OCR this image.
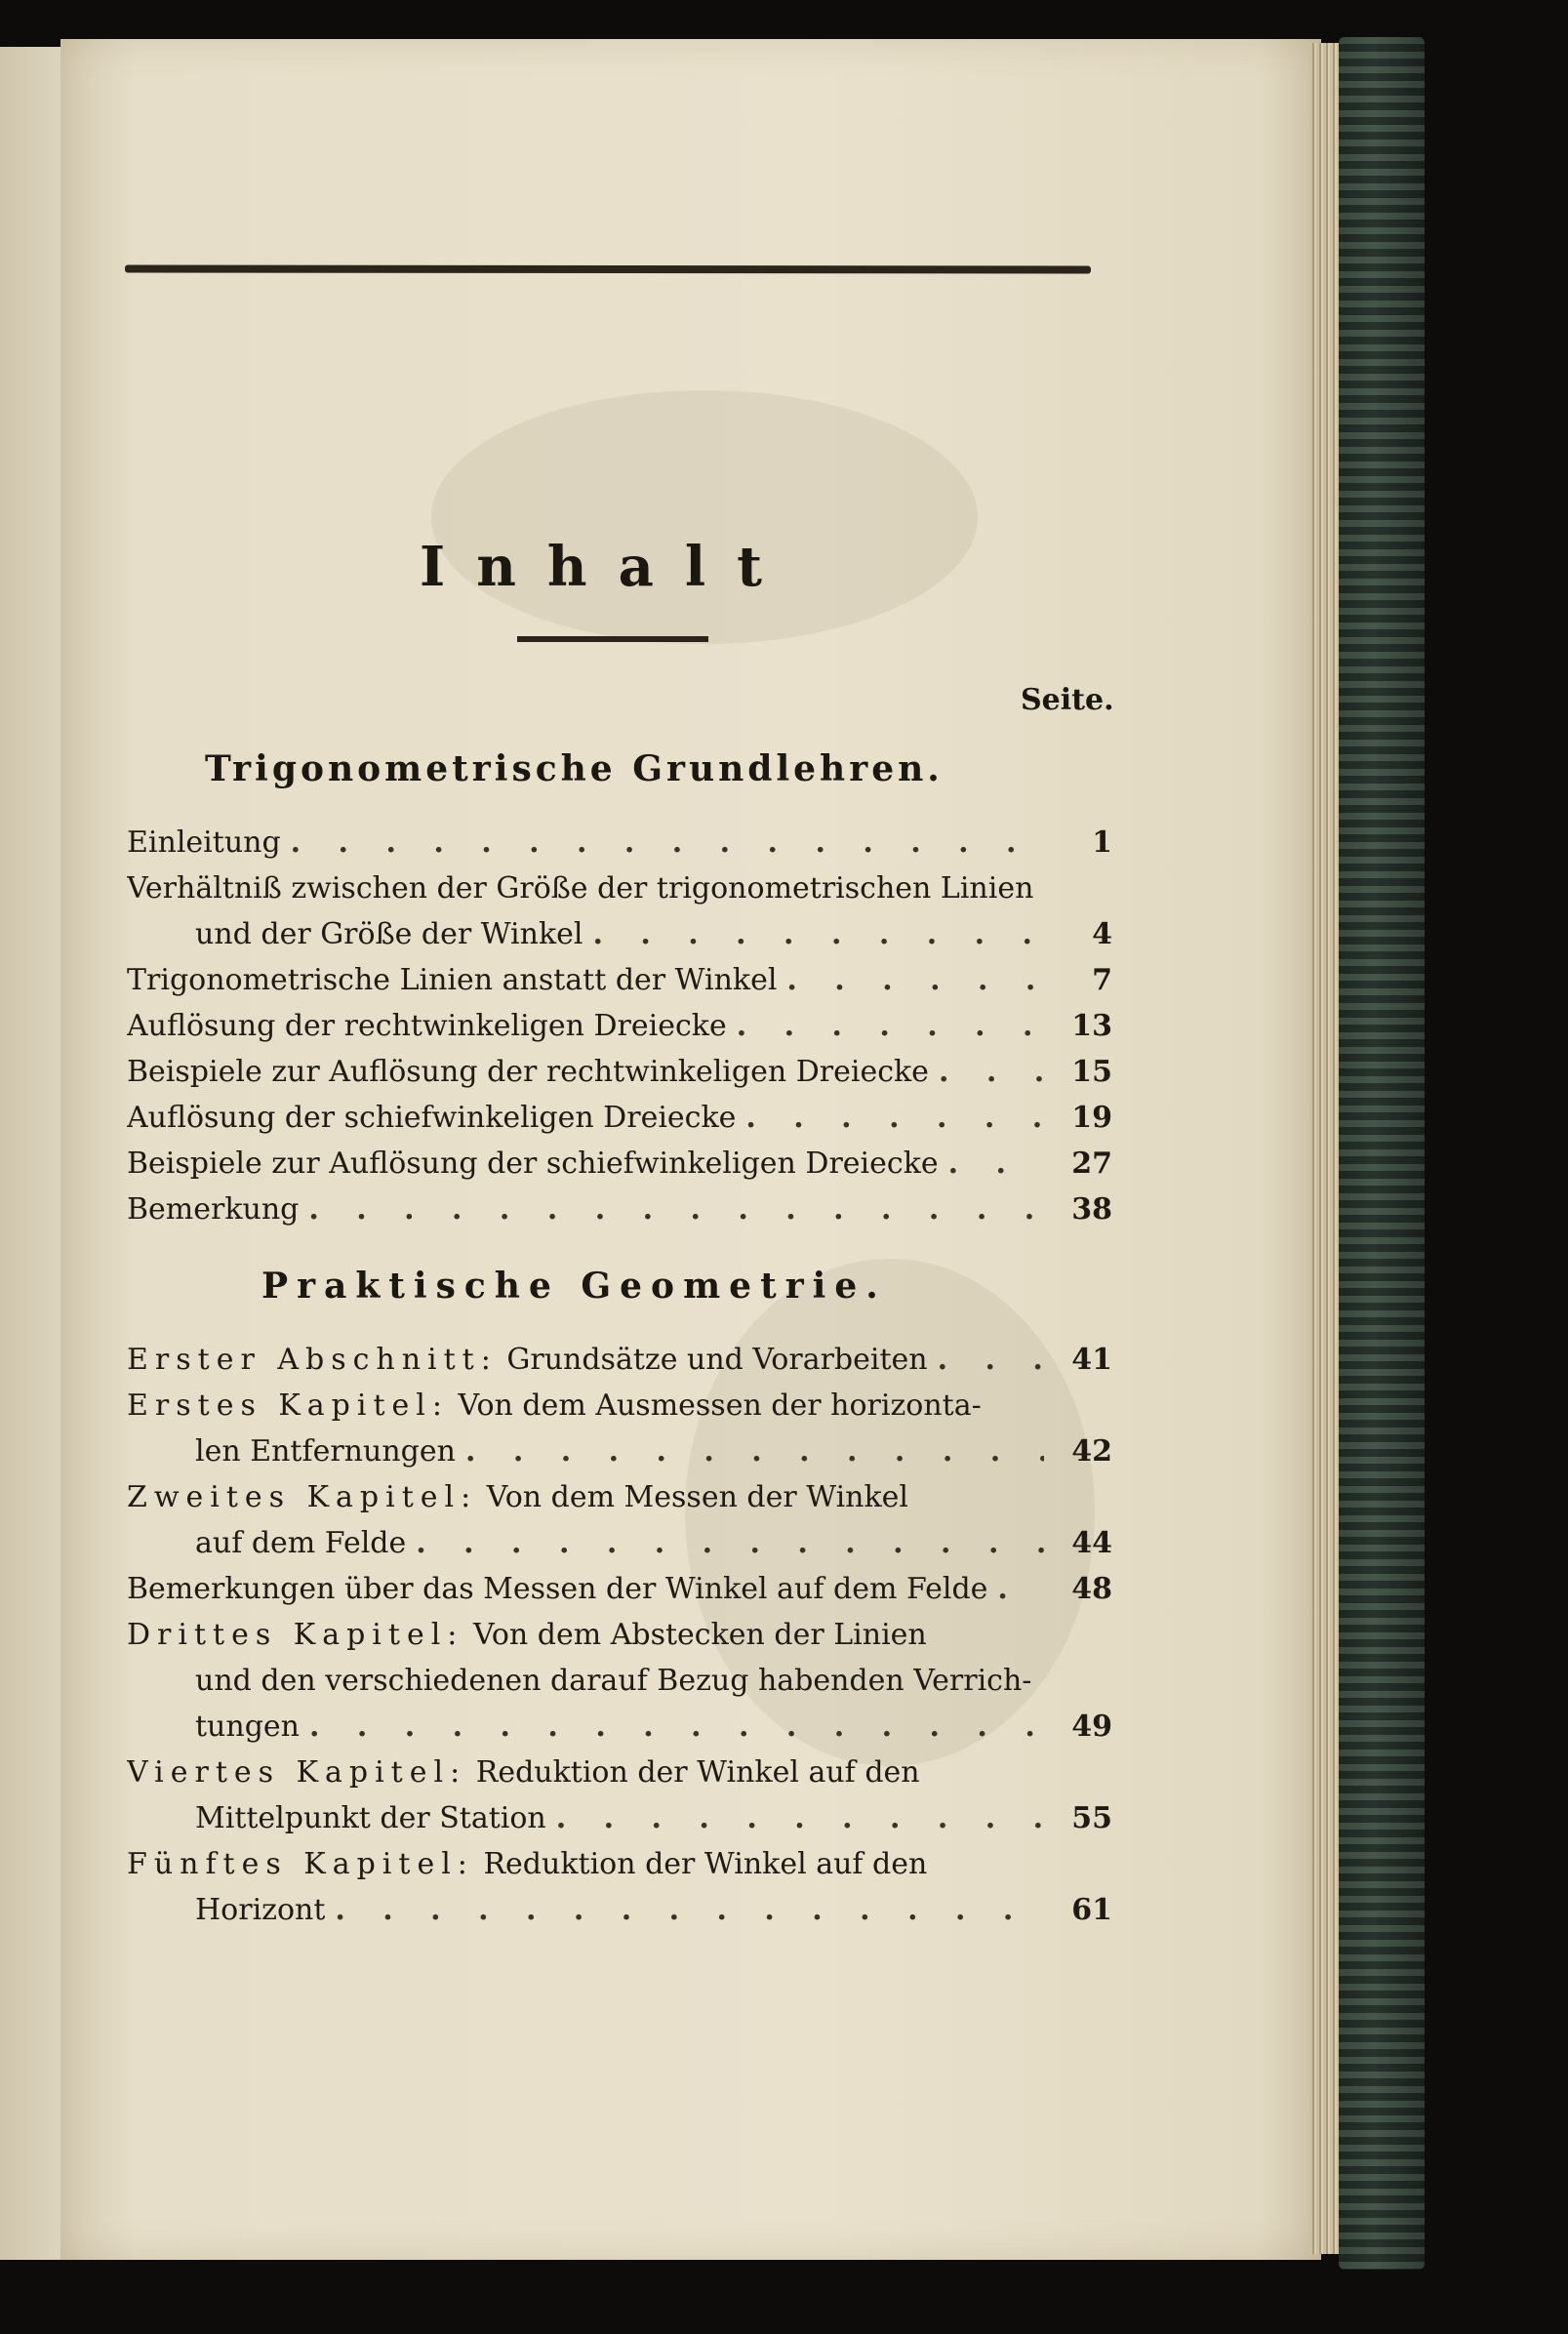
Inhalt
Seite.
Trigonometrische Grundlehren.
Einleitung . . .	1
Verhältniß zwischen der Größe der trigonometrischen Linien
und der Größe der Winkel . . .	4
Trigonometrische Linien anstatt der Winkel . . .	7
Auflösung der rechtwinkeligen Dreiecke . . .	13
Beispiele zur Auflösung der rechtwinkeligen Dreiecke . . .	15
Auflösung der schiefwinkeligen Dreiecke . . .	19
Beispiele zur Auflösung der schiefwinkeligen Dreiecke . . .	27
Bemerkung . . .	38
Praktische Geometrie.
Erster Abschnitt: Grundsätze und Vorarbeiten . . .	41
Erstes Kapitel: Von dem Ausmessen der horizonta-
len Entfernungen . . .	42
Zweites Kapitel: Von dem Messen der Winkel
auf dem Felde . . .	44
Bemerkungen über das Messen der Winkel auf dem Felde . . .	48
Drittes Kapitel: Von dem Abstecken der Linien
und den verschiedenen darauf Bezug habenden Verrich-
tungen . . .	49
Viertes Kapitel: Reduktion der Winkel auf den
Mittelpunkt der Station . . .	55
Fünftes Kapitel: Reduktion der Winkel auf den
Horizont . . .	61
